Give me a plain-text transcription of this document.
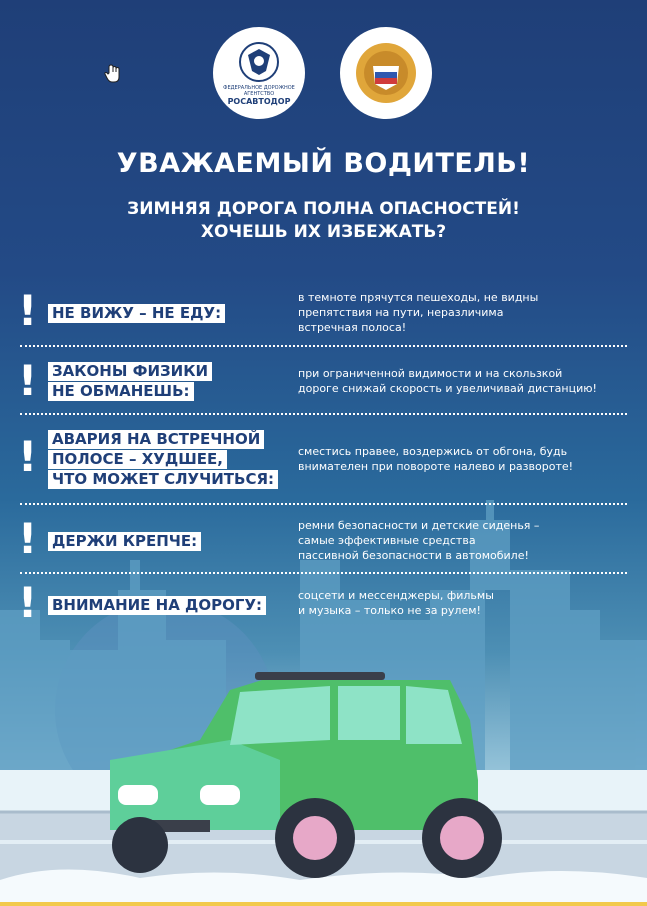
ФЕДЕРАЛЬНОЕ ДОРОЖНОЕ АГЕНТСТВО
РОСАВТОДОР
УВАЖАЕМЫЙ ВОДИТЕЛЬ!
ЗИМНЯЯ ДОРОГА ПОЛНА ОПАСНОСТЕЙ!
ХОЧЕШЬ ИХ ИЗБЕЖАТЬ?
! НЕ ВИЖУ – НЕ ЕДУ:
в темноте прячутся пешеходы, не видны
препятствия на пути, неразличима
встречная полоса!
! ЗАКОНЫ ФИЗИКИ
НЕ ОБМАНЕШЬ:
при ограниченной видимости и на скользкой
дороге снижай скорость и увеличивай дистанцию!
! АВАРИЯ НА ВСТРЕЧНОЙ
ПОЛОСЕ – ХУДШЕЕ,
ЧТО МОЖЕТ СЛУЧИТЬСЯ:
сместись правее, воздержись от обгона, будь
внимателен при повороте налево и развороте!
! ДЕРЖИ КРЕПЧЕ:
ремни безопасности и детские сиденья –
самые эффективные средства
пассивной безопасности в автомобиле!
! ВНИМАНИЕ НА ДОРОГУ:
соцсети и мессенджеры, фильмы
и музыка – только не за рулем!
